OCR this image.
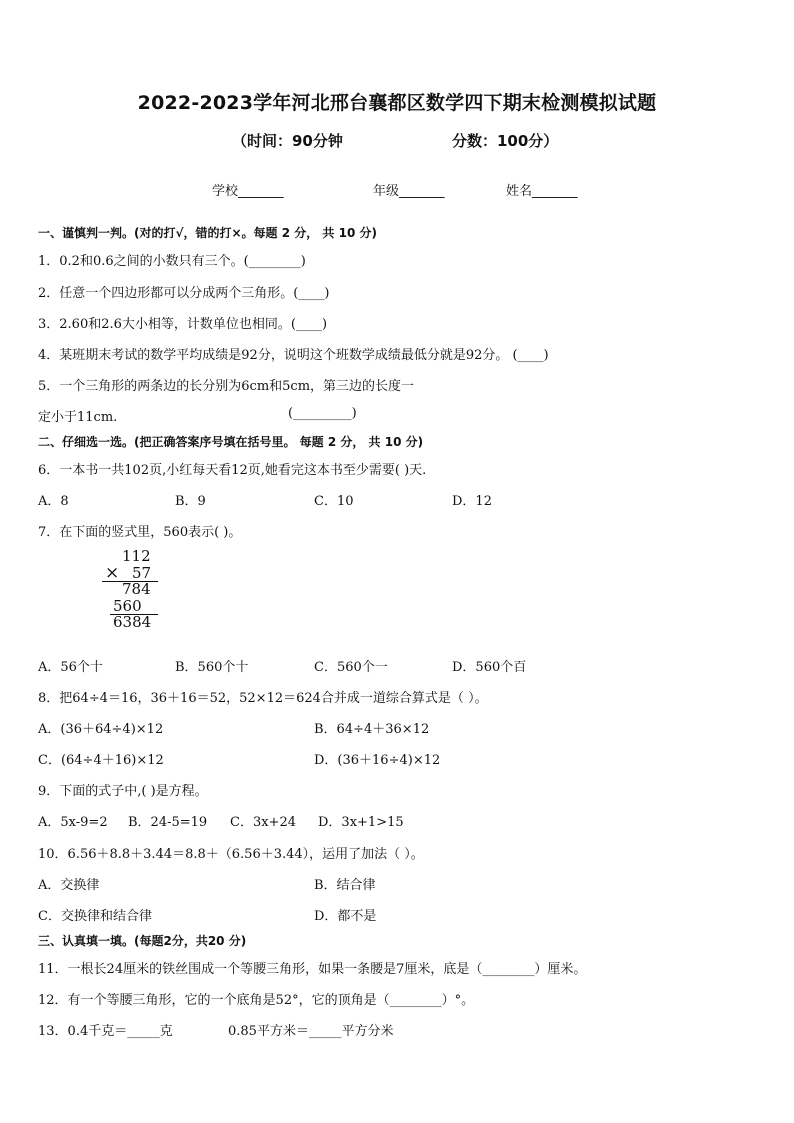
2022-2023学年河北邢台襄都区数学四下期末检测模拟试题
（时间：90分钟	分数：100分）
学校_______	年级_______	姓名_______
一、谨慎判一判。(对的打√，错的打×。每题 2 分， 共 10 分)
1．0.2和0.6之间的小数只有三个。(________)
2．任意一个四边形都可以分成两个三角形。(____)
3．2.60和2.6大小相等，计数单位也相同。(____)
4．某班期末考试的数学平均成绩是92分，说明这个班数学成绩最低分就是92分。 (____)
5．一个三角形的两条边的长分别为6cm和5cm，第三边的长度一
定小于11cm.	(_________)
二、仔细选一选。(把正确答案序号填在括号里。 每题 2 分， 共 10 分)
6．一本书一共102页,小红每天看12页,她看完这本书至少需要( )天.
A．8	B．9	C．10	D．12
7．在下面的竖式里，560表示( )。
112
× 57
784
560
6384
A．56个十	B．560个十	C．560个一	D．560个百
8．把64÷4＝16，36＋16＝52，52×12＝624合并成一道综合算式是（ ）。
A．(36＋64÷4)×12	B．64÷4＋36×12
C．(64÷4＋16)×12	D．(36＋16÷4)×12
9．下面的式子中,( )是方程。
A．5x-9=2 B．24-5=19 C．3x+24 D．3x+1>15
10．6.56＋8.8＋3.44＝8.8＋（6.56＋3.44），运用了加法（ ）。
A．交换律	B．结合律
C．交换律和结合律	D．都不是
三、认真填一填。(每题2分，共20 分)
11．一根长24厘米的铁丝围成一个等腰三角形，如果一条腰是7厘米，底是（________）厘米。
12．有一个等腰三角形，它的一个底角是52°，它的顶角是（________）°。
13．0.4千克＝_____克	0.85平方米＝_____平方分米
